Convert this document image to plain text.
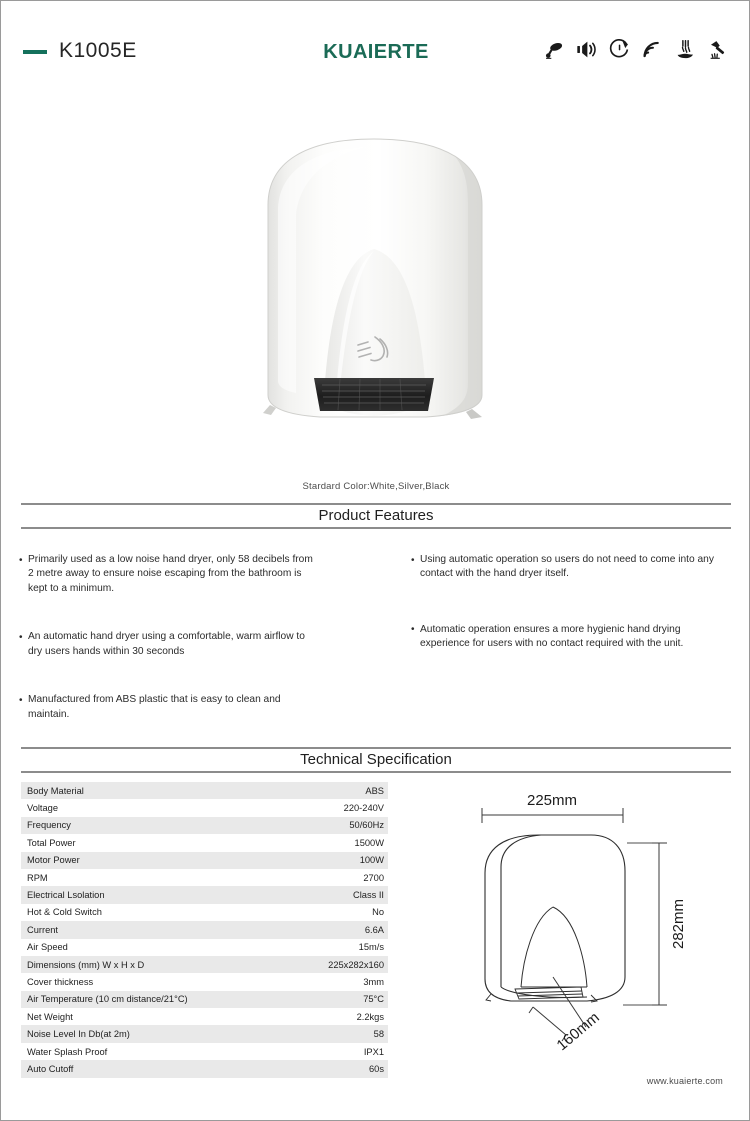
K1005E	KUAIERTE
Stardard Color:White,Silver,Black
Product Features
• Primarily used as a low noise hand dryer, only 58 decibels from 2 metre away to ensure noise escaping from the bathroom is kept to a minimum.
• An automatic hand dryer using a comfortable, warm airflow to dry users hands within 30 seconds
• Manufactured from ABS plastic that is easy to clean and maintain.
• Using automatic operation so users do not need to come into any contact with the hand dryer itself.
• Automatic operation ensures a more hygienic hand drying experience for users with no contact required with the unit.
Technical Specification
Body Material	ABS
Voltage	220-240V
Frequency	50/60Hz
Total Power	1500W
Motor Power	100W
RPM	2700
Electrical Lsolation	Class II
Hot & Cold Switch	No
Current	6.6A
Air Speed	15m/s
Dimensions (mm) W x H x D	225x282x160
Cover thickness	3mm
Air Temperature (10 cm distance/21°C)	75°C
Net Weight	2.2kgs
Noise Level In Db(at 2m)	58
Water Splash Proof	IPX1
Auto Cutoff	60s
225mm
282mm
160mm
www.kuaierte.com
